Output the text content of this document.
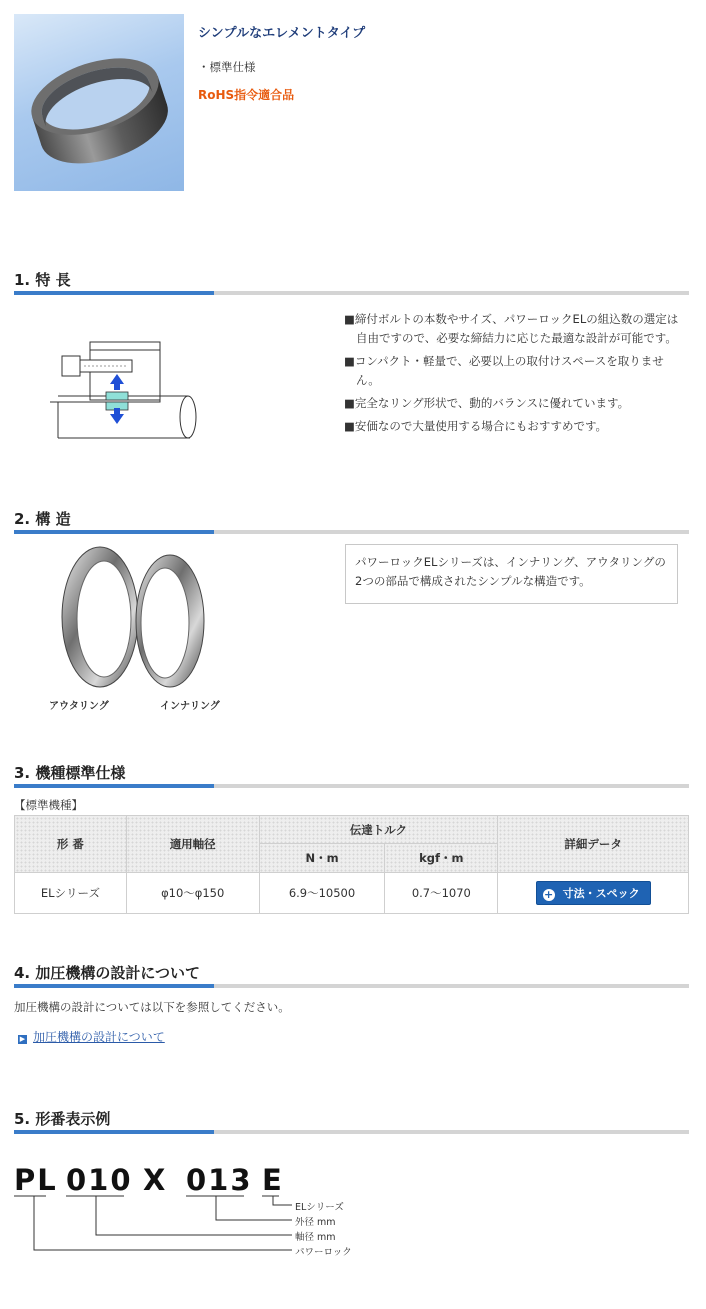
シンプルなエレメントタイプ
・標準仕様
RoHS指令適合品
1. 特 長
■締付ボルトの本数やサイズ、パワーロックELの組込数の選定は自由ですので、必要な締結力に応じた最適な設計が可能です。
■コンパクト・軽量で、必要以上の取付けスペースを取りません。
■完全なリング形状で、動的バランスに優れています。
■安価なので大量使用する場合にもおすすめです。
2. 構 造
アウタリング	インナリング
パワーロックELシリーズは、インナリング、アウタリングの2つの部品で構成されたシンプルな構造です。
3. 機種標準仕様
【標準機種】
形 番	適用軸径	伝達トルク		詳細データ
		N・m	kgf・m	
ELシリーズ	φ10〜φ150	6.9〜10500	0.7〜1070	+ 寸法・スペック
4. 加圧機構の設計について
加圧機構の設計については以下を参照してください。
▶ 加圧機構の設計について
5. 形番表示例
PL 010 X 013 E
ELシリーズ
外径 mm
軸径 mm
パワーロック
